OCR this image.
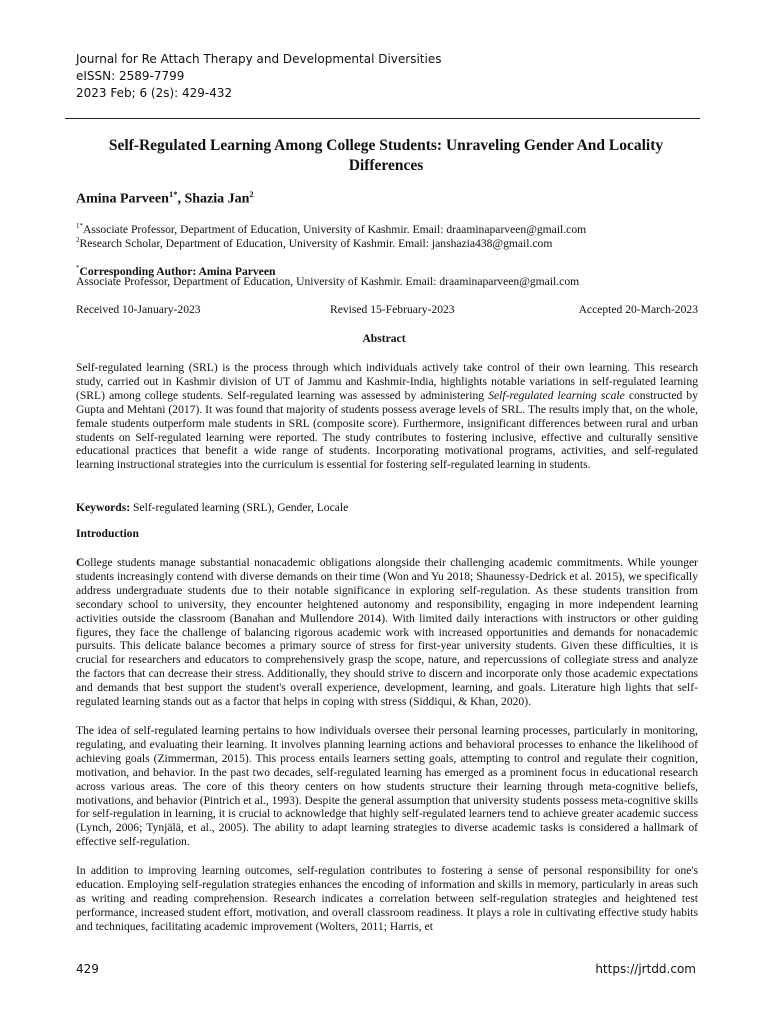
Journal for Re Attach Therapy and Developmental Diversities
eISSN: 2589-7799
2023 Feb; 6 (2s): 429-432
Self-Regulated Learning Among College Students: Unraveling Gender And Locality Differences
Amina Parveen$^{1*}$, Shazia Jan$^2$
$^{1*}$Associate Professor, Department of Education, University of Kashmir. Email: draaminaparveen@gmail.com
$^2$Research Scholar, Department of Education, University of Kashmir. Email: janshazia438@gmail.com
*Corresponding Author: Amina Parveen
Associate Professor, Department of Education, University of Kashmir. Email: draaminaparveen@gmail.com
Received 10-January-2023	Revised 15-February-2023	Accepted 20-March-2023
Abstract
Self-regulated learning (SRL) is the process through which individuals actively take control of their own learning. This research study, carried out in Kashmir division of UT of Jammu and Kashmir-India, highlights notable variations in self-regulated learning (SRL) among college students. Self-regulated learning was assessed by administering Self-regulated learning scale constructed by Gupta and Mehtani (2017). It was found that majority of students possess average levels of SRL. The results imply that, on the whole, female students outperform male students in SRL (composite score). Furthermore, insignificant differences between rural and urban students on Self-regulated learning were reported. The study contributes to fostering inclusive, effective and culturally sensitive educational practices that benefit a wide range of students. Incorporating motivational programs, activities, and self-regulated learning instructional strategies into the curriculum is essential for fostering self-regulated learning in students.
Keywords: Self-regulated learning (SRL), Gender, Locale
Introduction
College students manage substantial nonacademic obligations alongside their challenging academic commitments. While younger students increasingly contend with diverse demands on their time (Won and Yu 2018; Shaunessy-Dedrick et al. 2015), we specifically address undergraduate students due to their notable significance in exploring self-regulation. As these students transition from secondary school to university, they encounter heightened autonomy and responsibility, engaging in more independent learning activities outside the classroom (Banahan and Mullendore 2014). With limited daily interactions with instructors or other guiding figures, they face the challenge of balancing rigorous academic work with increased opportunities and demands for nonacademic pursuits. This delicate balance becomes a primary source of stress for first-year university students. Given these difficulties, it is crucial for researchers and educators to comprehensively grasp the scope, nature, and repercussions of collegiate stress and analyze the factors that can decrease their stress. Additionally, they should strive to discern and incorporate only those academic expectations and demands that best support the student's overall experience, development, learning, and goals. Literature high lights that self-regulated learning stands out as a factor that helps in coping with stress (Siddiqui, & Khan, 2020).
The idea of self-regulated learning pertains to how individuals oversee their personal learning processes, particularly in monitoring, regulating, and evaluating their learning. It involves planning learning actions and behavioral processes to enhance the likelihood of achieving goals (Zimmerman, 2015). This process entails learners setting goals, attempting to control and regulate their cognition, motivation, and behavior. In the past two decades, self-regulated learning has emerged as a prominent focus in educational research across various areas. The core of this theory centers on how students structure their learning through meta-cognitive beliefs, motivations, and behavior (Pintrich et al., 1993). Despite the general assumption that university students possess meta-cognitive skills for self-regulation in learning, it is crucial to acknowledge that highly self-regulated learners tend to achieve greater academic success (Lynch, 2006; Tynjälä, et al., 2005). The ability to adapt learning strategies to diverse academic tasks is considered a hallmark of effective self-regulation.
In addition to improving learning outcomes, self-regulation contributes to fostering a sense of personal responsibility for one's education. Employing self-regulation strategies enhances the encoding of information and skills in memory, particularly in areas such as writing and reading comprehension. Research indicates a correlation between self-regulation strategies and heightened test performance, increased student effort, motivation, and overall classroom readiness. It plays a role in cultivating effective study habits and techniques, facilitating academic improvement (Wolters, 2011; Harris, et
429	https://jrtdd.com
